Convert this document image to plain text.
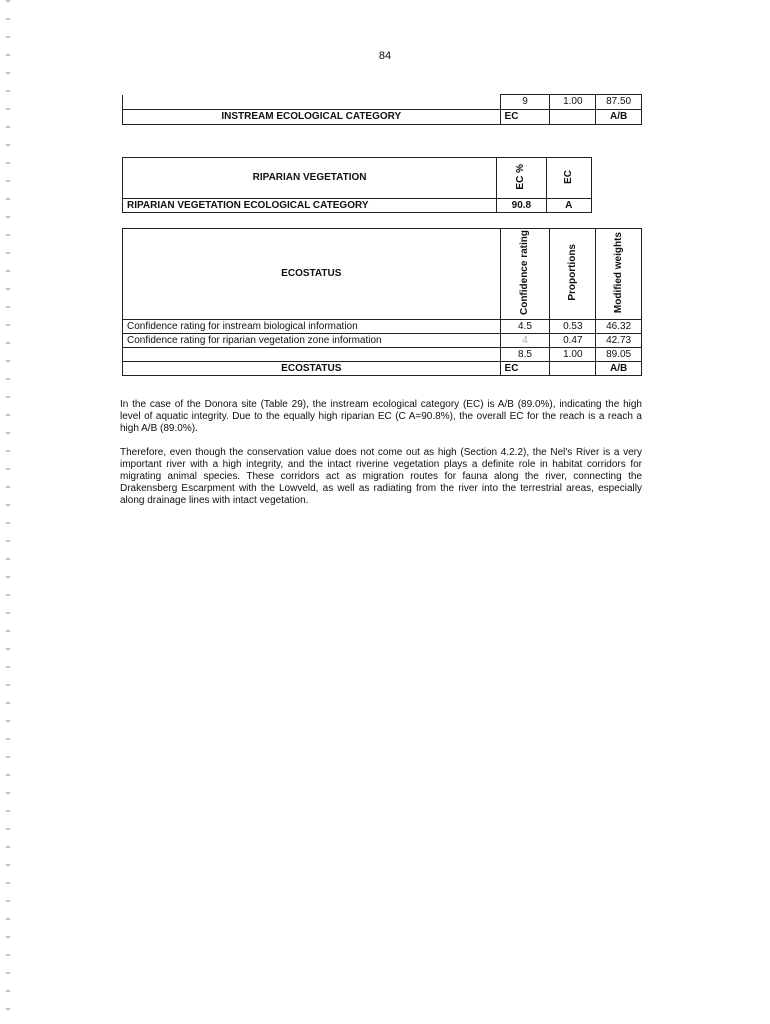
84
	9	1.00	87.50
INSTREAM ECOLOGICAL CATEGORY	EC		A/B
RIPARIAN VEGETATION	EC %	EC
RIPARIAN VEGETATION ECOLOGICAL CATEGORY	90.8	A
ECOSTATUS	Confidence rating	Proportions	Modified weights
Confidence rating for instream biological information	4.5	0.53	46.32
Confidence rating for riparian vegetation zone information	4	0.47	42.73
	8.5	1.00	89.05
ECOSTATUS	EC		A/B

In the case of the Donora site (Table 29), the instream ecological category (EC) is A/B (89.0%), indicating the high level of aquatic integrity. Due to the equally high riparian EC (C A=90.8%), the overall EC for the reach is a reach a high A/B (89.0%).

Therefore, even though the conservation value does not come out as high (Section 4.2.2), the Nel's River is a very important river with a high integrity, and the intact riverine vegetation plays a definite role in habitat corridors for migrating animal species. These corridors act as migration routes for fauna along the river, connecting the Drakensberg Escarpment with the Lowveld, as well as radiating from the river into the terrestrial areas, especially along drainage lines with intact vegetation.
